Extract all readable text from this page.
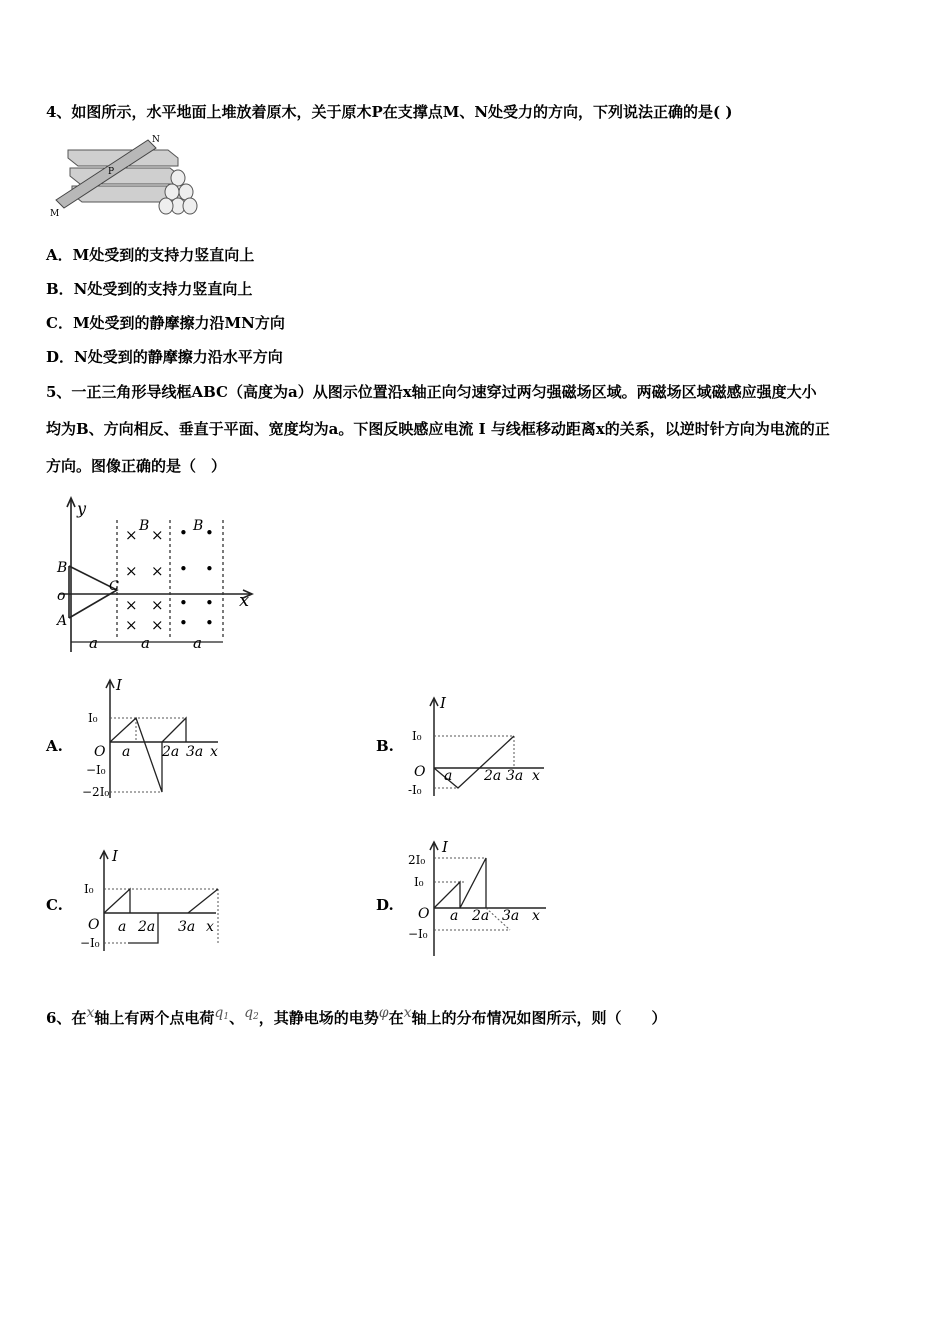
4、如图所示，水平地面上堆放着原木，关于原木P在支撑点M、N处受力的方向，下列说法正确的是( )
N
P
M
A．M处受到的支持力竖直向上
B．N处受到的支持力竖直向上
C．M处受到的静摩擦力沿MN方向
D．N处受到的静摩擦力沿水平方向
5、一正三角形导线框ABC（高度为a）从图示位置沿x轴正向匀速穿过两匀强磁场区域。两磁场区域磁感应强度大小
均为B、方向相反、垂直于平面、宽度均为a。下图反映感应电流 I 与线框移动距离x的关系，以逆时针方向为电流的正
方向。图像正确的是（　）
y
x
o
B
A
C
B	B
× ×
× ×
× ×
× ×
• •
• •
• •
• •
a	a	a
A.
I
I₀
O a 2a 3a x
−I₀
−2I₀
B.
I
I₀
O a 2a 3a x
-I₀
C.
I
I₀
O a 2a 3a x
−I₀
D.
I
2I₀
I₀
O a 2a 3a x
−I₀
6、在x轴上有两个点电荷$q_1$、$q_2$，其静电场的电势φ在x轴上的分布情况如图所示，则（　　）
